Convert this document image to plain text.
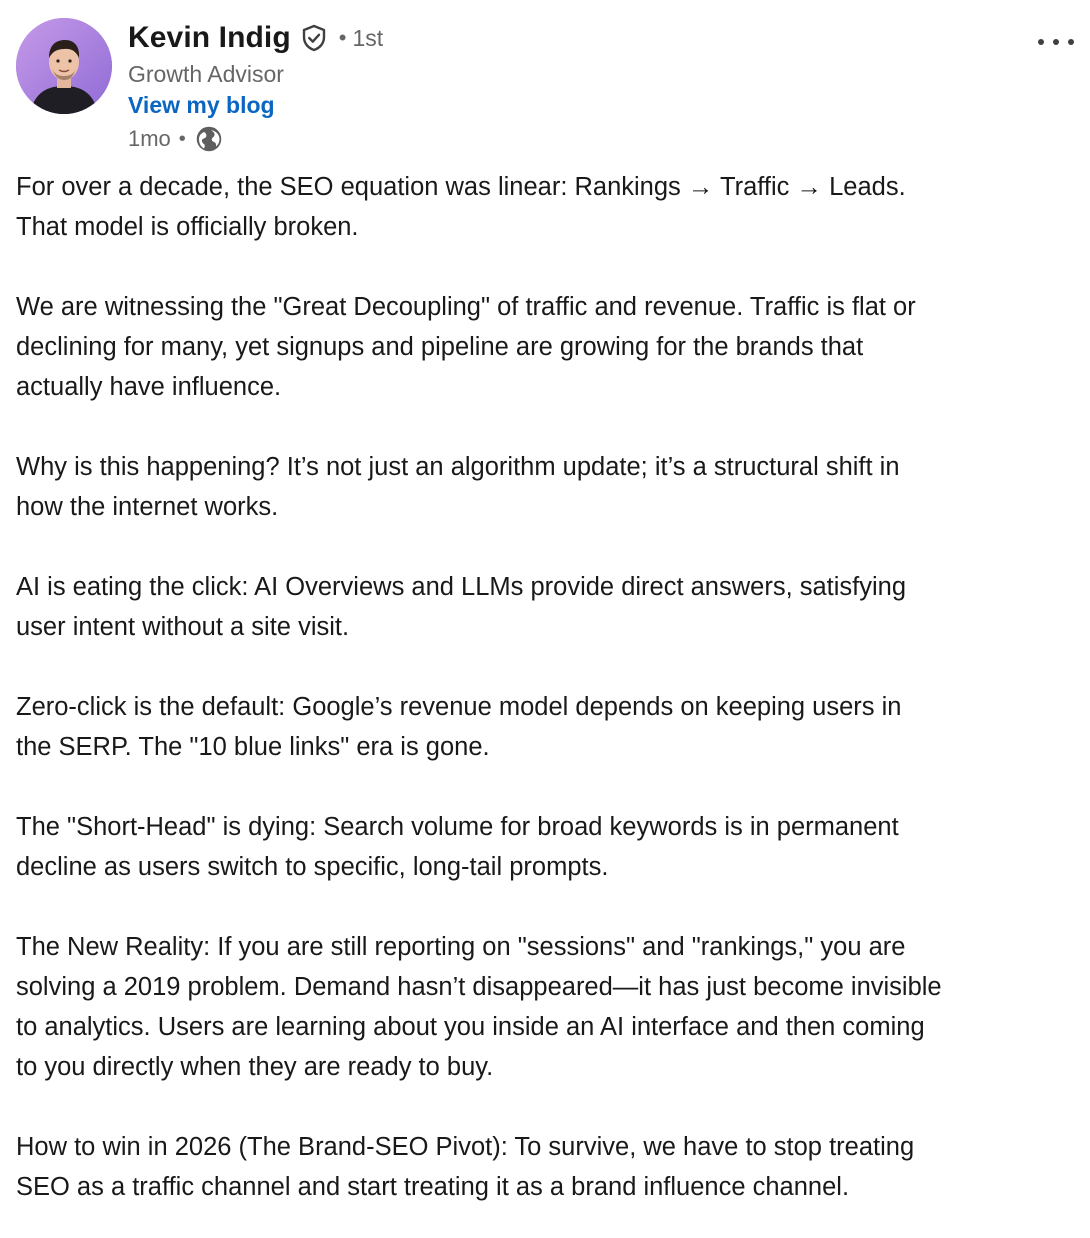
Kevin Indig • 1st
Growth Advisor
View my blog
1mo •

For over a decade, the SEO equation was linear: Rankings → Traffic → Leads.
That model is officially broken.

We are witnessing the "Great Decoupling" of traffic and revenue. Traffic is flat or
declining for many, yet signups and pipeline are growing for the brands that
actually have influence.

Why is this happening? It’s not just an algorithm update; it’s a structural shift in
how the internet works.

AI is eating the click: AI Overviews and LLMs provide direct answers, satisfying
user intent without a site visit.

Zero-click is the default: Google’s revenue model depends on keeping users in
the SERP. The "10 blue links" era is gone.

The "Short-Head" is dying: Search volume for broad keywords is in permanent
decline as users switch to specific, long-tail prompts.

The New Reality: If you are still reporting on "sessions" and "rankings," you are
solving a 2019 problem. Demand hasn’t disappeared—it has just become invisible
to analytics. Users are learning about you inside an AI interface and then coming
to you directly when they are ready to buy.

How to win in 2026 (The Brand-SEO Pivot): To survive, we have to stop treating
SEO as a traffic channel and start treating it as a brand influence channel.
